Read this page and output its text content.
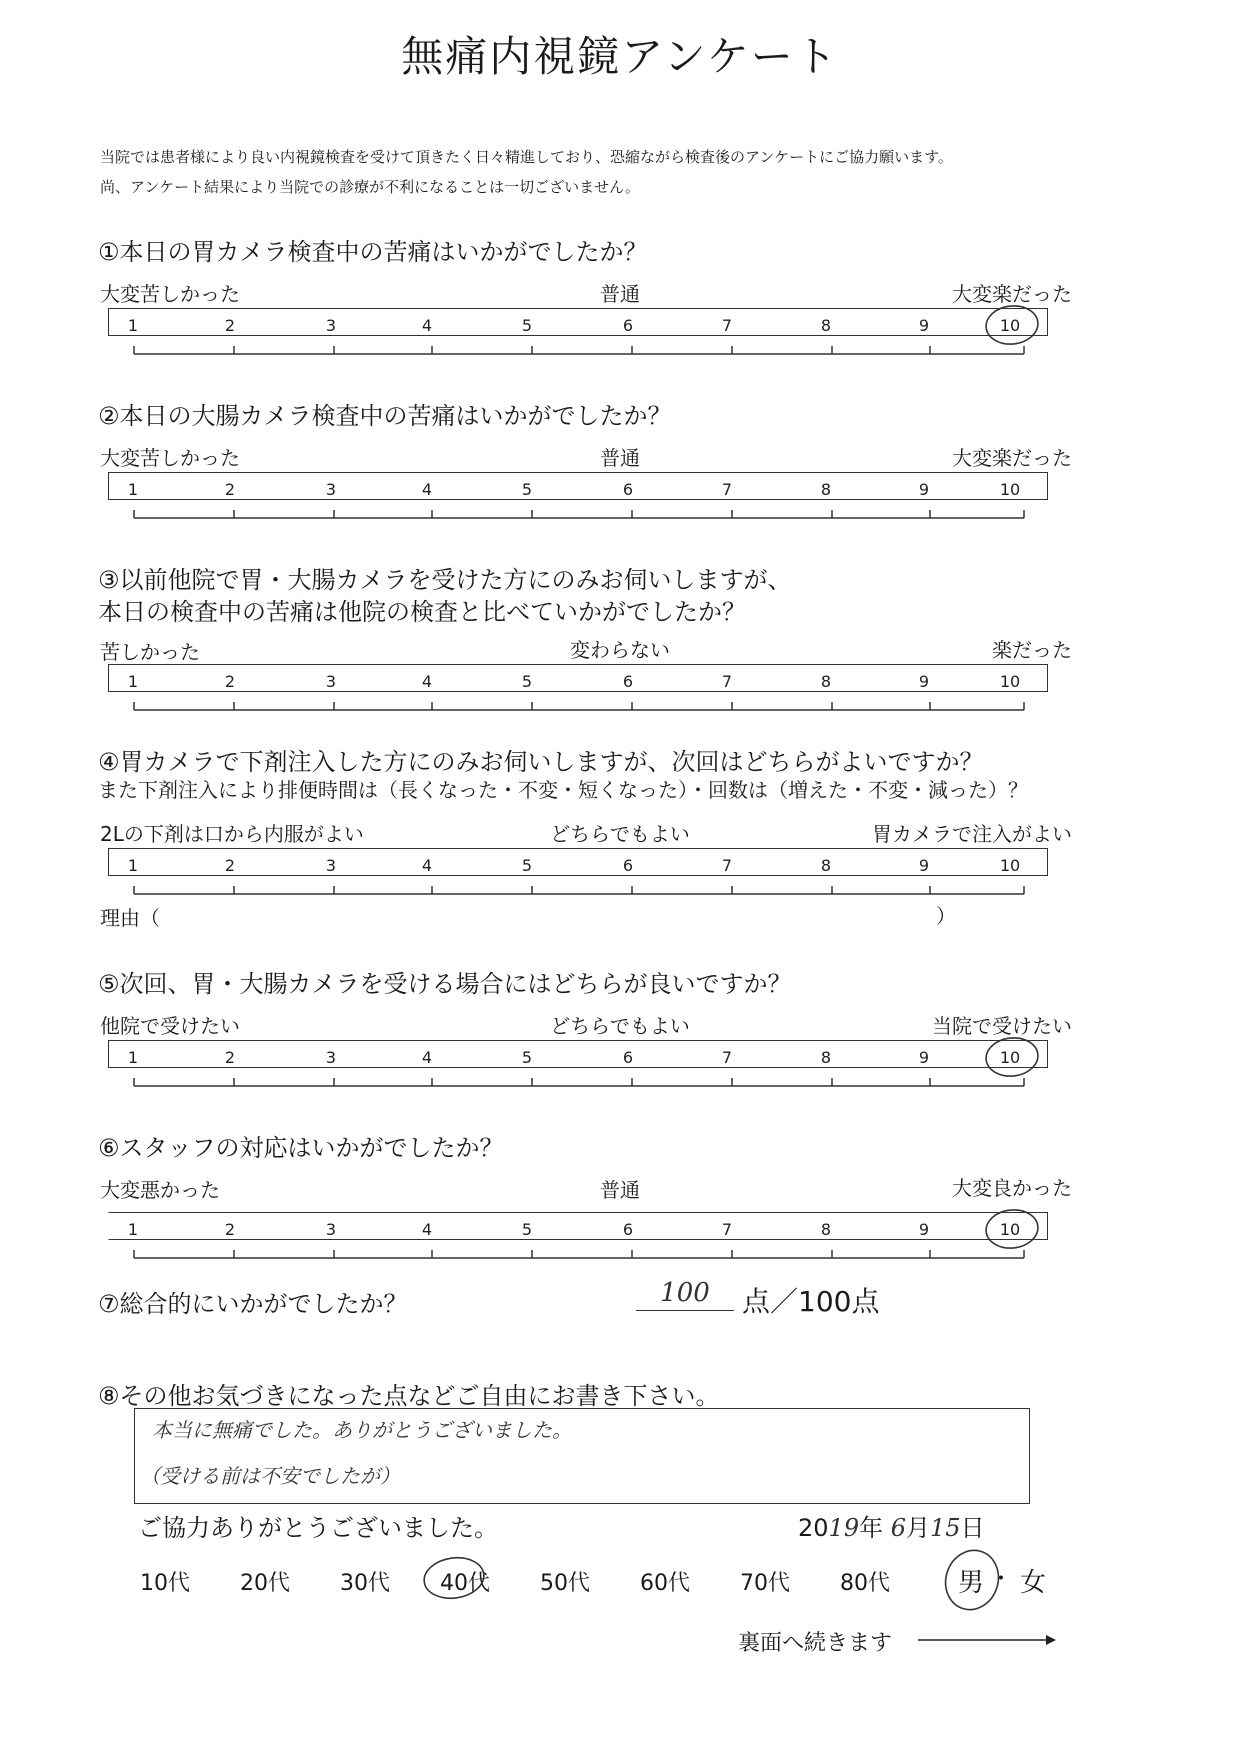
無痛内視鏡アンケート
当院では患者様により良い内視鏡検査を受けて頂きたく日々精進しており、恐縮ながら検査後のアンケートにご協力願います。
尚、アンケート結果により当院での診療が不利になることは一切ございません。
①本日の胃カメラ検査中の苦痛はいかがでしたか？
大変苦しかった	普通	大変楽だった
1	2	3	4	5	6	7	8	9	10
②本日の大腸カメラ検査中の苦痛はいかがでしたか？
大変苦しかった	普通	大変楽だった
1	2	3	4	5	6	7	8	9	10
③以前他院で胃・大腸カメラを受けた方にのみお伺いしますが、
本日の検査中の苦痛は他院の検査と比べていかがでしたか？
苦しかった	変わらない	楽だった
1	2	3	4	5	6	7	8	9	10
④胃カメラで下剤注入した方にのみお伺いしますが、次回はどちらがよいですか？
また下剤注入により排便時間は（長くなった・不変・短くなった）・回数は（増えた・不変・減った）？
2Lの下剤は口から内服がよい	どちらでもよい	胃カメラで注入がよい
1	2	3	4	5	6	7	8	9	10
理由（	）
⑤次回、胃・大腸カメラを受ける場合にはどちらが良いですか？
他院で受けたい	どちらでもよい	当院で受けたい
1	2	3	4	5	6	7	8	9	10
⑥スタッフの対応はいかがでしたか？
大変悪かった	普通	大変良かった
1	2	3	4	5	6	7	8	9	10
⑦総合的にいかがでしたか？	100	点／100点
⑧その他お気づきになった点などご自由にお書き下さい。
本当に無痛でした。ありがとうございました。
（受ける前は不安でしたが）
ご協力ありがとうございました。	2019年 6月15日
10代 20代 30代 40代 50代 60代 70代 80代	男 ・ 女
裏面へ続きます
